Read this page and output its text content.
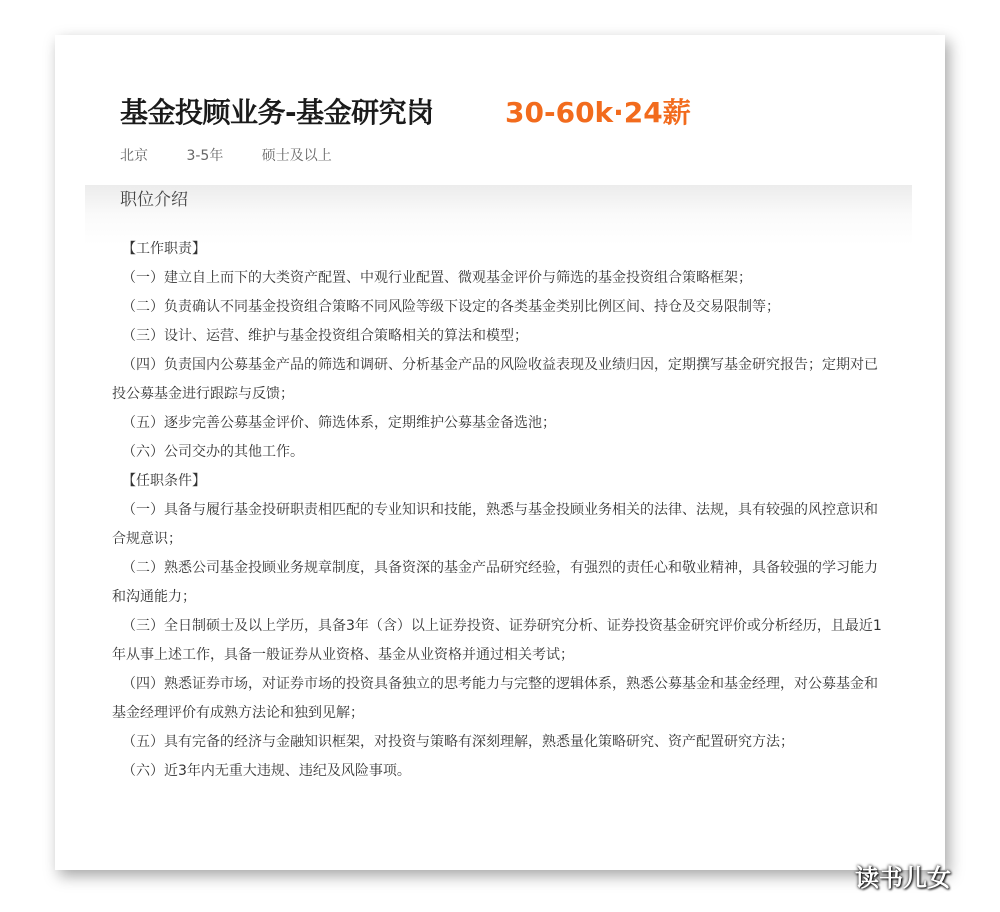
基金投顾业务-基金研究岗	30-60k·24薪
北京	3-5年	硕士及以上
职位介绍

【工作职责】

（一）建立自上而下的大类资产配置、中观行业配置、微观基金评价与筛选的基金投资组合策略框架；

（二）负责确认不同基金投资组合策略不同风险等级下设定的各类基金类别比例区间、持仓及交易限制等；

（三）设计、运营、维护与基金投资组合策略相关的算法和模型；

（四）负责国内公募基金产品的筛选和调研、分析基金产品的风险收益表现及业绩归因，定期撰写基金研究报告；定期对已投公募基金进行跟踪与反馈；

（五）逐步完善公募基金评价、筛选体系，定期维护公募基金备选池；

（六）公司交办的其他工作。

【任职条件】

（一）具备与履行基金投研职责相匹配的专业知识和技能，熟悉与基金投顾业务相关的法律、法规，具有较强的风控意识和合规意识；

（二）熟悉公司基金投顾业务规章制度，具备资深的基金产品研究经验，有强烈的责任心和敬业精神，具备较强的学习能力和沟通能力；

（三）全日制硕士及以上学历，具备3年（含）以上证券投资、证券研究分析、证券投资基金研究评价或分析经历，且最近1年从事上述工作，具备一般证券从业资格、基金从业资格并通过相关考试；

（四）熟悉证券市场，对证券市场的投资具备独立的思考能力与完整的逻辑体系，熟悉公募基金和基金经理，对公募基金和基金经理评价有成熟方法论和独到见解；

（五）具有完备的经济与金融知识框架，对投资与策略有深刻理解，熟悉量化策略研究、资产配置研究方法；

（六）近3年内无重大违规、违纪及风险事项。

读书儿女
